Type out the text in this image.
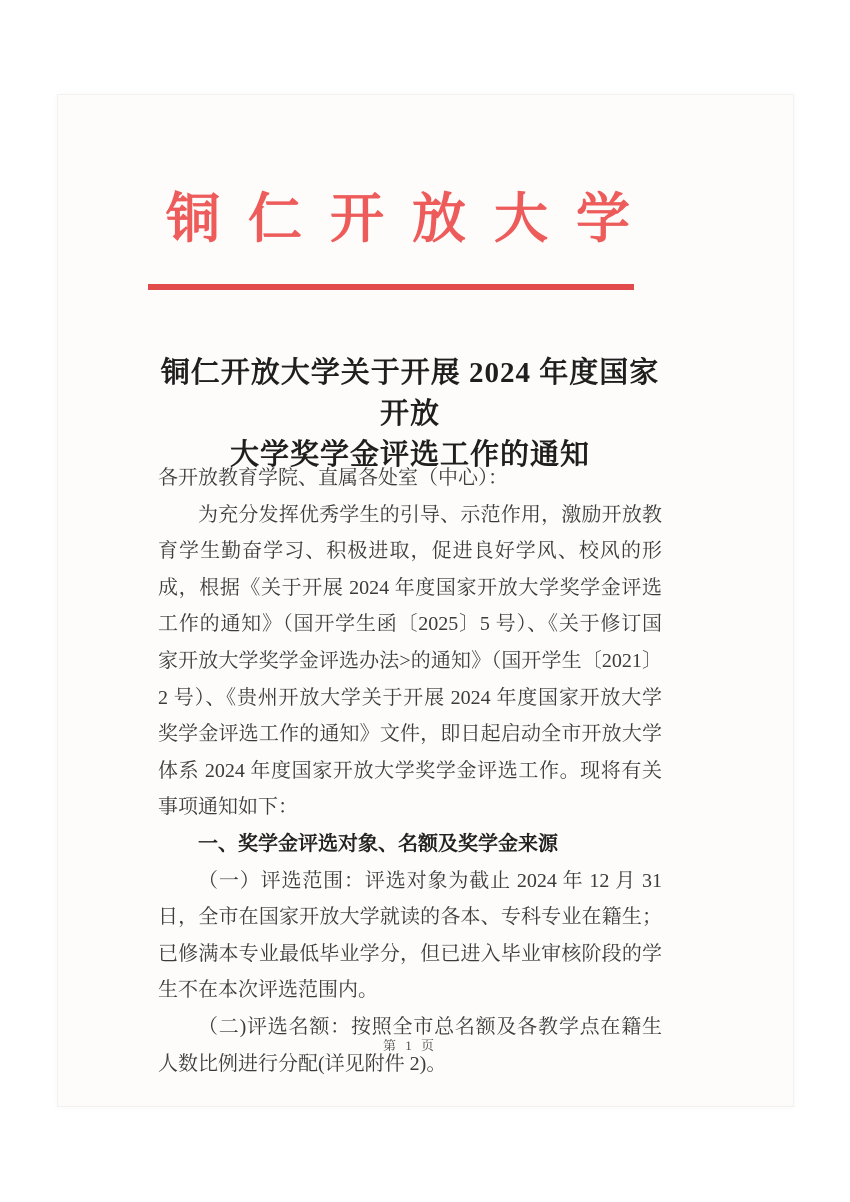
铜仁开放大学
铜仁开放大学关于开展 2024 年度国家开放
大学奖学金评选工作的通知

各开放教育学院、直属各处室（中心）：

为充分发挥优秀学生的引导、示范作用，激励开放教育学生勤奋学习、积极进取，促进良好学风、校风的形成，根据《关于开展 2024 年度国家开放大学奖学金评选工作的通知》（国开学生函〔2025〕5 号）、《关于修订国家开放大学奖学金评选办法>的通知》（国开学生〔2021〕2 号）、《贵州开放大学关于开展 2024 年度国家开放大学奖学金评选工作的通知》文件，即日起启动全市开放大学体系 2024 年度国家开放大学奖学金评选工作。现将有关事项通知如下：

一、奖学金评选对象、名额及奖学金来源

（一）评选范围：评选对象为截止 2024 年 12 月 31 日，全市在国家开放大学就读的各本、专科专业在籍生；已修满本专业最低毕业学分，但已进入毕业审核阶段的学生不在本次评选范围内。

（二)评选名额：按照全市总名额及各教学点在籍生人数比例进行分配(详见附件 2)。

第 1 页
